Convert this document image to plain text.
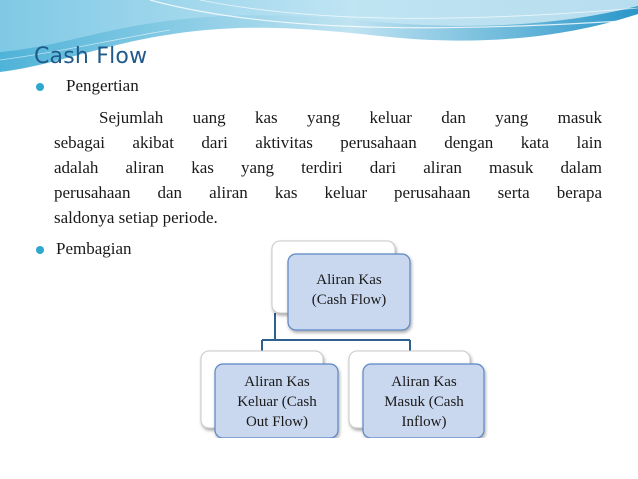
Cash Flow
Pengertian
Sejumlah uang kas yang keluar dan yang masuk
sebagai akibat dari aktivitas perusahaan dengan kata lain
adalah aliran kas yang terdiri dari aliran masuk dalam
perusahaan dan aliran kas keluar perusahaan serta berapa
saldonya setiap periode.
Pembagian
Aliran Kas
(Cash Flow)
Aliran Kas
Keluar (Cash
Out Flow)
Aliran Kas
Masuk (Cash
Inflow)
